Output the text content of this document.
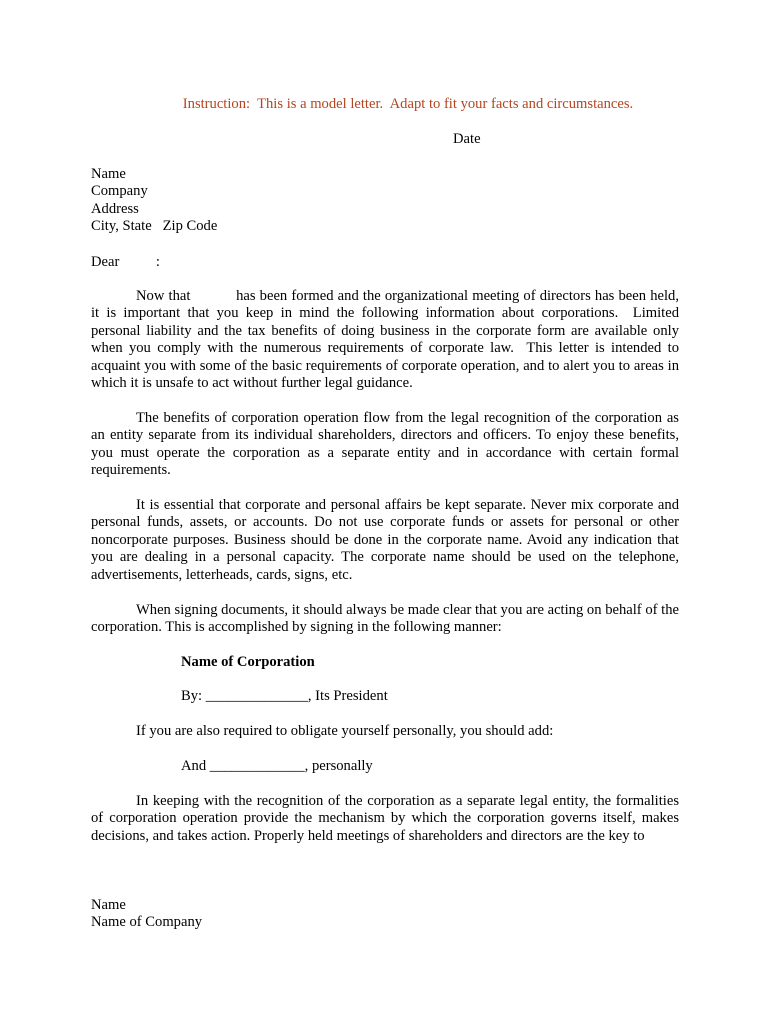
Instruction:  This is a model letter.  Adapt to fit your facts and circumstances.
Date
Name
Company
Address
City, State   Zip Code
Dear          :

Now that           has been formed and the organizational meeting of directors has been held, it is important that you keep in mind the following information about corporations.  Limited personal liability and the tax benefits of doing business in the corporate form are available only when you comply with the numerous requirements of corporate law.  This letter is intended to acquaint you with some of the basic requirements of corporate operation, and to alert you to areas in which it is unsafe to act without further legal guidance.

The benefits of corporation operation flow from the legal recognition of the corporation as an entity separate from its individual shareholders, directors and officers. To enjoy these benefits, you must operate the corporation as a separate entity and in accordance with certain formal requirements.

It is essential that corporate and personal affairs be kept separate. Never mix corporate and personal funds, assets, or accounts. Do not use corporate funds or assets for personal or other noncorporate purposes. Business should be done in the corporate name. Avoid any indication that you are dealing in a personal capacity. The corporate name should be used on the telephone, advertisements, letterheads, cards, signs, etc.

When signing documents, it should always be made clear that you are acting on behalf of the corporation. This is accomplished by signing in the following manner:

Name of Corporation
By: ______________, Its President
If you are also required to obligate yourself personally, you should add:
And _____________, personally

In keeping with the recognition of the corporation as a separate legal entity, the formalities of corporation operation provide the mechanism by which the corporation governs itself, makes decisions, and takes action. Properly held meetings of shareholders and directors are the key to

Name
Name of Company
